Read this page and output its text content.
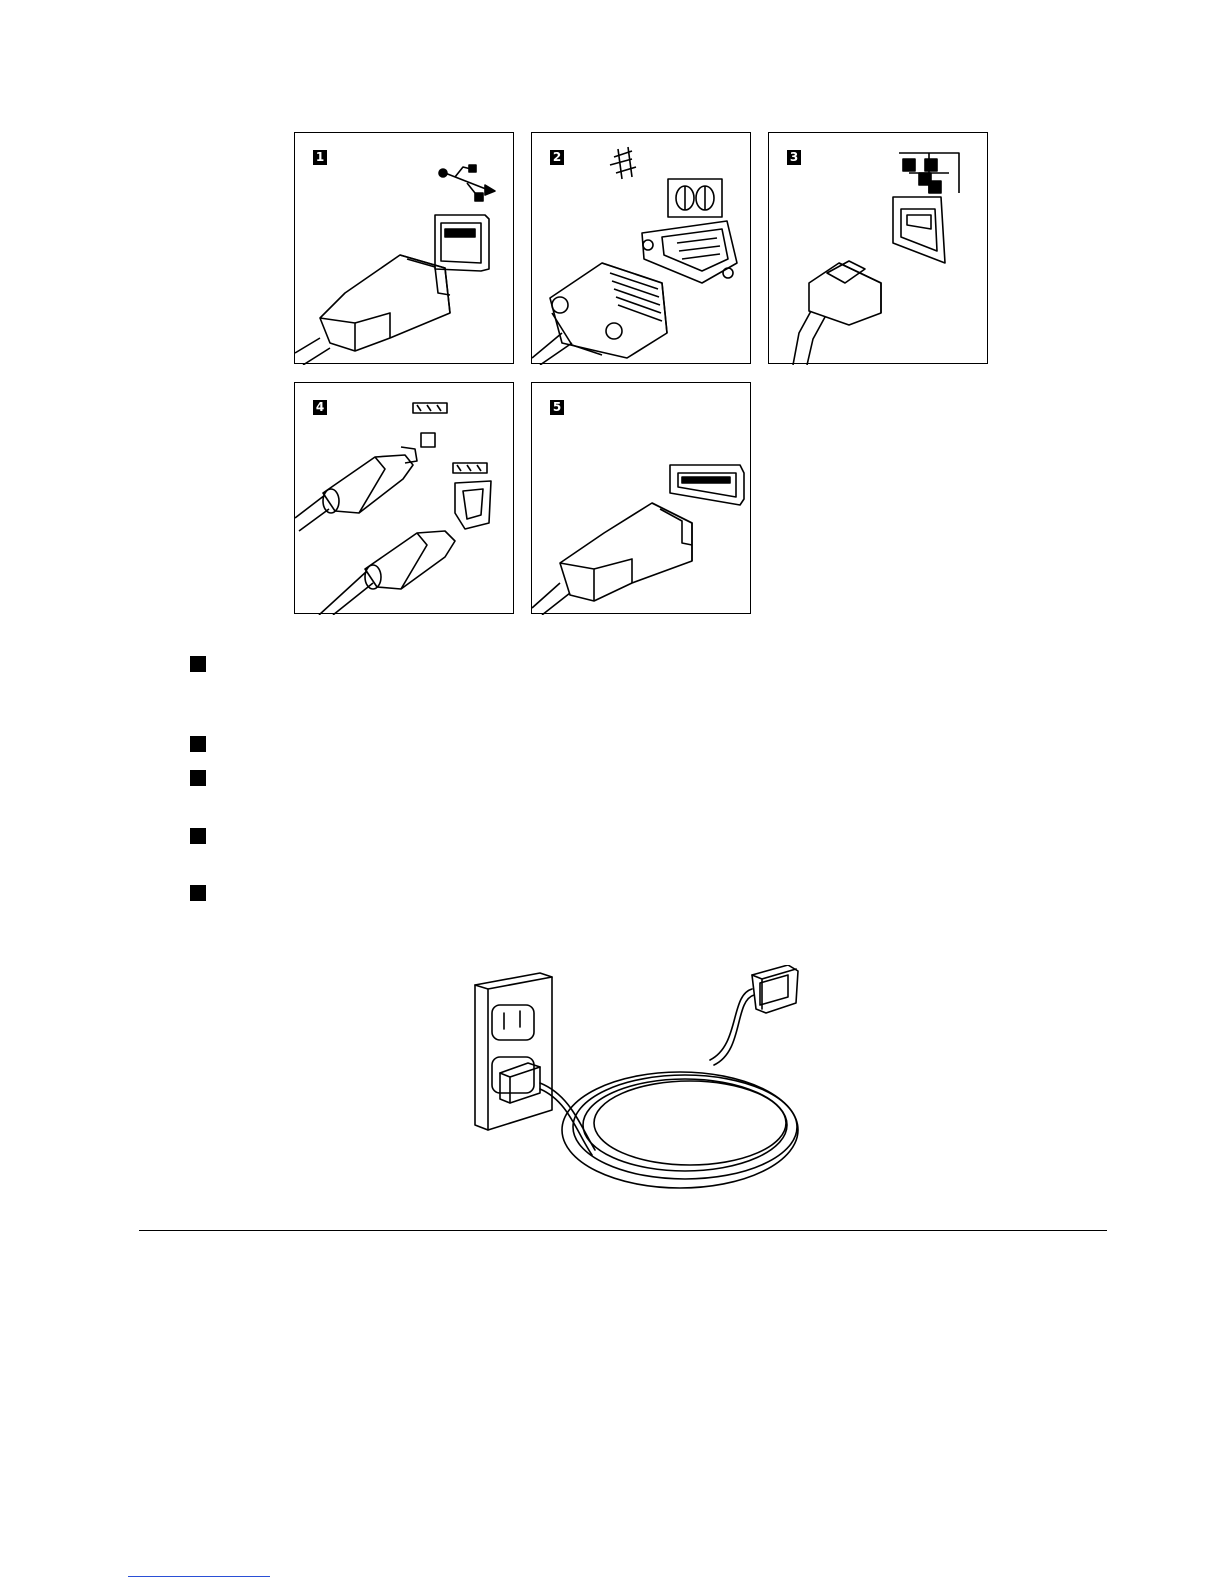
1	2	3
4	5
